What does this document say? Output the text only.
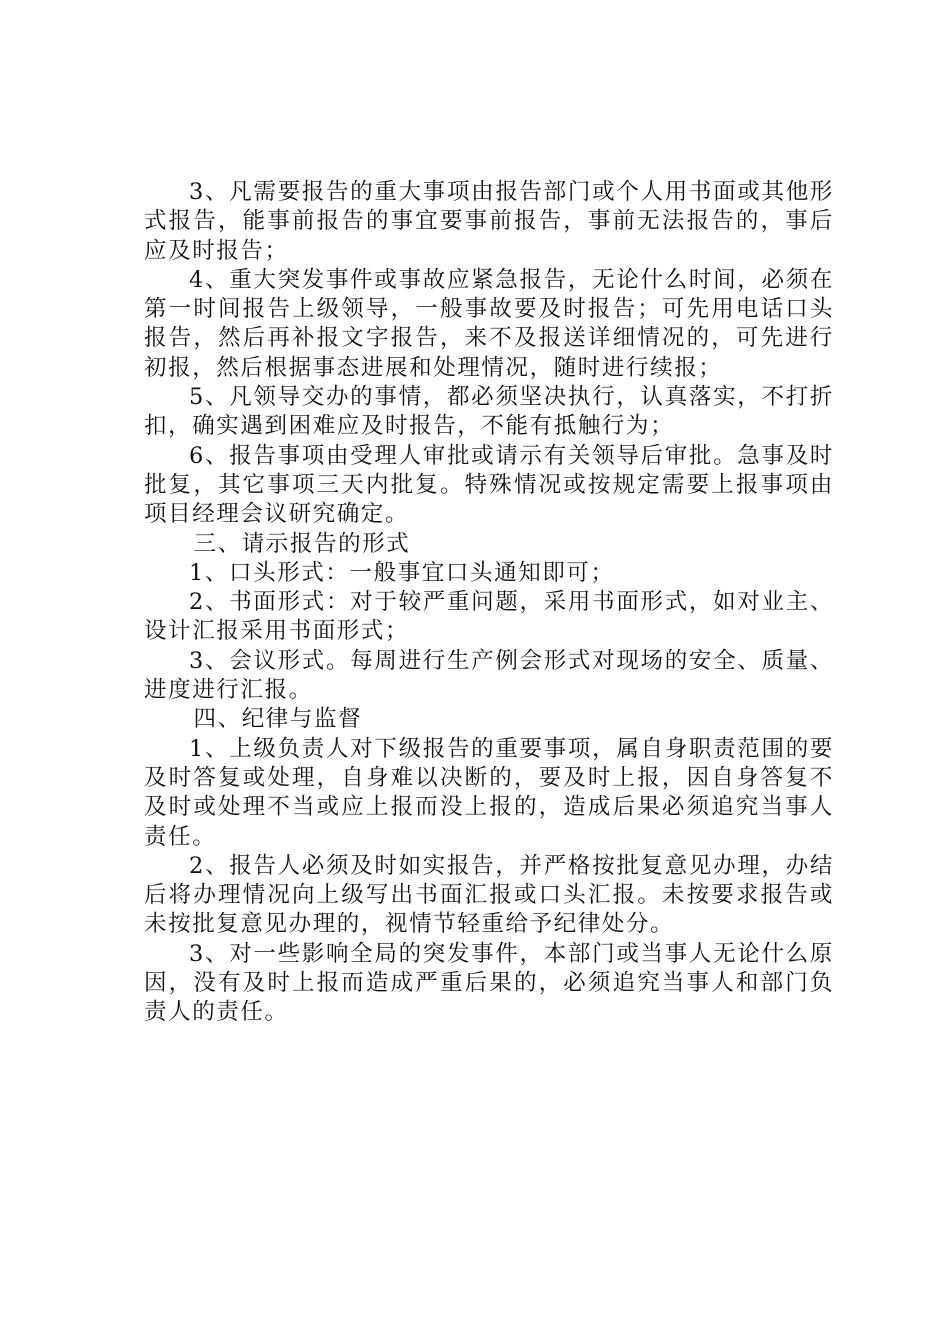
3、凡需要报告的重大事项由报告部门或个人用书面或其他形式报告，能事前报告的事宜要事前报告，事前无法报告的，事后应及时报告；

4、重大突发事件或事故应紧急报告，无论什么时间，必须在第一时间报告上级领导，一般事故要及时报告；可先用电话口头报告，然后再补报文字报告，来不及报送详细情况的，可先进行初报，然后根据事态进展和处理情况，随时进行续报；

5、凡领导交办的事情，都必须坚决执行，认真落实，不打折扣，确实遇到困难应及时报告，不能有抵触行为；

6、报告事项由受理人审批或请示有关领导后审批。急事及时批复，其它事项三天内批复。特殊情况或按规定需要上报事项由项目经理会议研究确定。

三、请示报告的形式

1、口头形式：一般事宜口头通知即可；

2、书面形式：对于较严重问题，采用书面形式，如对业主、设计汇报采用书面形式；

3、会议形式。每周进行生产例会形式对现场的安全、质量、进度进行汇报。

四、纪律与监督

1、上级负责人对下级报告的重要事项，属自身职责范围的要及时答复或处理，自身难以决断的，要及时上报，因自身答复不及时或处理不当或应上报而没上报的，造成后果必须追究当事人责任。

2、报告人必须及时如实报告，并严格按批复意见办理，办结后将办理情况向上级写出书面汇报或口头汇报。未按要求报告或未按批复意见办理的，视情节轻重给予纪律处分。

3、对一些影响全局的突发事件，本部门或当事人无论什么原因，没有及时上报而造成严重后果的，必须追究当事人和部门负责人的责任。
